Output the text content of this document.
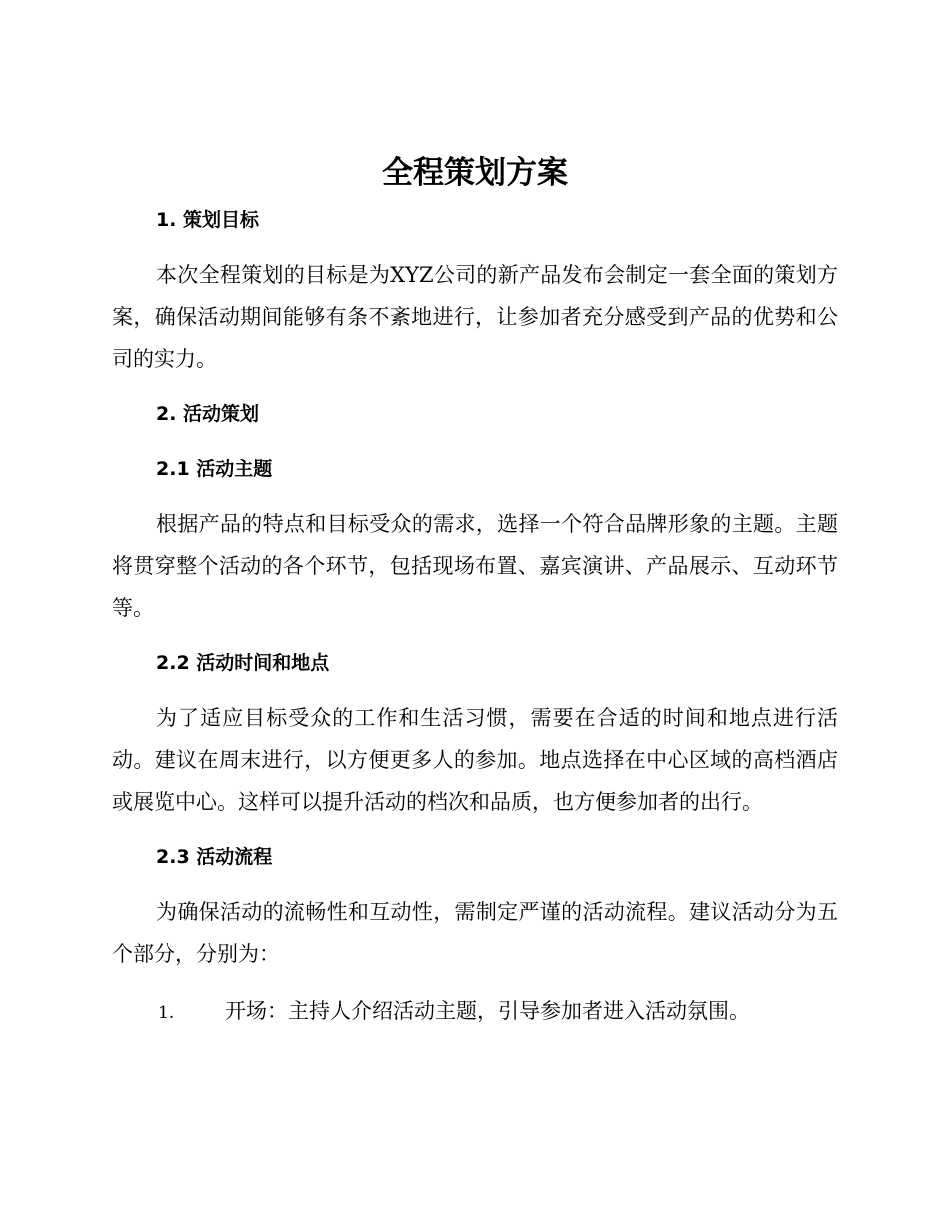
全程策划方案
1. 策划目标

本次全程策划的目标是为XYZ公司的新产品发布会制定一套全面的策划方案，确保活动期间能够有条不紊地进行，让参加者充分感受到产品的优势和公司的实力。

2. 活动策划
2.1 活动主题

根据产品的特点和目标受众的需求，选择一个符合品牌形象的主题。主题将贯穿整个活动的各个环节，包括现场布置、嘉宾演讲、产品展示、互动环节等。

2.2 活动时间和地点

为了适应目标受众的工作和生活习惯，需要在合适的时间和地点进行活动。建议在周末进行，以方便更多人的参加。地点选择在中心区域的高档酒店或展览中心。这样可以提升活动的档次和品质，也方便参加者的出行。

2.3 活动流程

为确保活动的流畅性和互动性，需制定严谨的活动流程。建议活动分为五个部分，分别为：

1. 开场：主持人介绍活动主题，引导参加者进入活动氛围。
